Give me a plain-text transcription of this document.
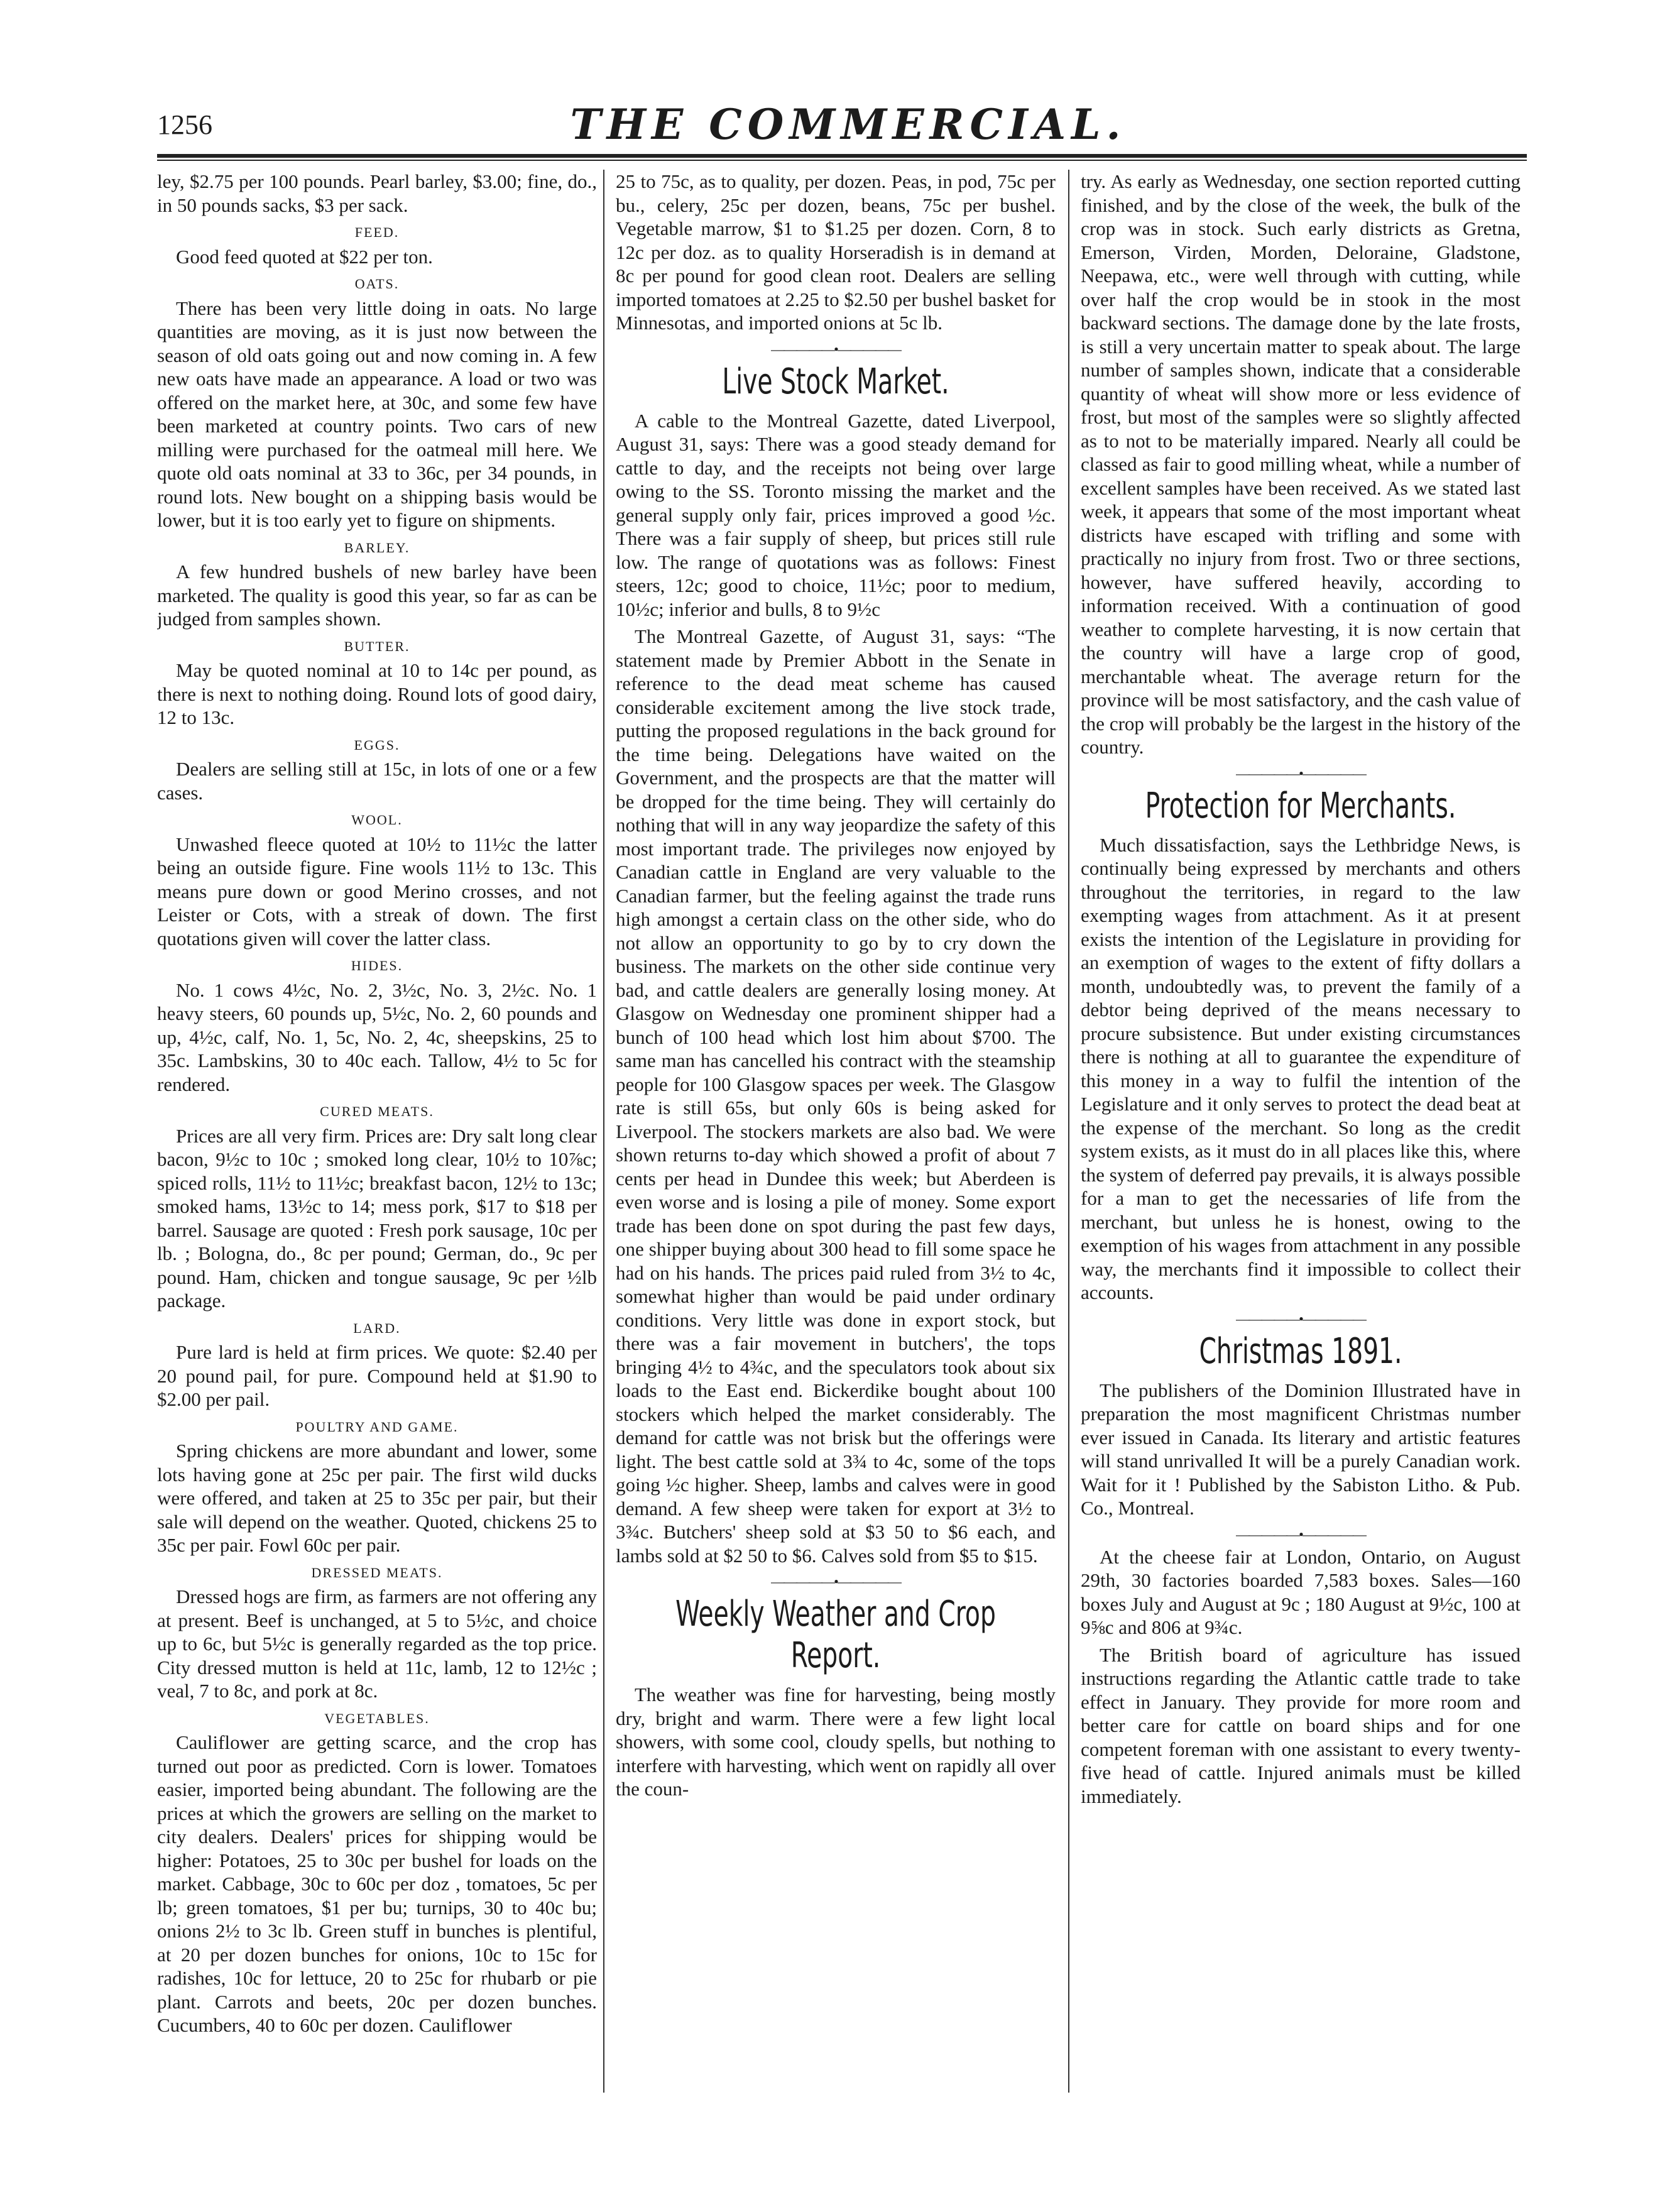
1256	THE COMMERCIAL.

ley, $2.75 per 100 pounds. Pearl barley, $3.00; fine, do., in 50 pounds sacks, $3 per sack.

FEED.

Good feed quoted at $22 per ton.

OATS.

There has been very little doing in oats. No large quantities are moving, as it is just now between the season of old oats going out and now coming in. A few new oats have made an appearance. A load or two was offered on the market here, at 30c, and some few have been marketed at country points. Two cars of new milling were purchased for the oatmeal mill here. We quote old oats nominal at 33 to 36c, per 34 pounds, in round lots. New bought on a shipping basis would be lower, but it is too early yet to figure on shipments.

BARLEY.

A few hundred bushels of new barley have been marketed. The quality is good this year, so far as can be judged from samples shown.

BUTTER.

May be quoted nominal at 10 to 14c per pound, as there is next to nothing doing. Round lots of good dairy, 12 to 13c.

EGGS.

Dealers are selling still at 15c, in lots of one or a few cases.

WOOL.

Unwashed fleece quoted at 10½ to 11½c the latter being an outside figure. Fine wools 11½ to 13c. This means pure down or good Merino crosses, and not Leister or Cots, with a streak of down. The first quotations given will cover the latter class.

HIDES.

No. 1 cows 4½c, No. 2, 3½c, No. 3, 2½c. No. 1 heavy steers, 60 pounds up, 5½c, No. 2, 60 pounds and up, 4½c, calf, No. 1, 5c, No. 2, 4c, sheepskins, 25 to 35c. Lambskins, 30 to 40c each. Tallow, 4½ to 5c for rendered.

CURED MEATS.

Prices are all very firm. Prices are: Dry salt long clear bacon, 9½c to 10c ; smoked long clear, 10½ to 10⅞c; spiced rolls, 11½ to 11½c; breakfast bacon, 12½ to 13c; smoked hams, 13½c to 14; mess pork, $17 to $18 per barrel. Sausage are quoted : Fresh pork sausage, 10c per lb. ; Bologna, do., 8c per pound; German, do., 9c per pound. Ham, chicken and tongue sausage, 9c per ½lb package.

LARD.

Pure lard is held at firm prices. We quote: $2.40 per 20 pound pail, for pure. Compound held at $1.90 to $2.00 per pail.

POULTRY AND GAME.

Spring chickens are more abundant and lower, some lots having gone at 25c per pair. The first wild ducks were offered, and taken at 25 to 35c per pair, but their sale will depend on the weather. Quoted, chickens 25 to 35c per pair. Fowl 60c per pair.

DRESSED MEATS.

Dressed hogs are firm, as farmers are not offering any at present. Beef is unchanged, at 5 to 5½c, and choice up to 6c, but 5½c is generally regarded as the top price. City dressed mutton is held at 11c, lamb, 12 to 12½c ; veal, 7 to 8c, and pork at 8c.

VEGETABLES.

Cauliflower are getting scarce, and the crop has turned out poor as predicted. Corn is lower. Tomatoes easier, imported being abundant. The following are the prices at which the growers are selling on the market to city dealers. Dealers' prices for shipping would be higher: Potatoes, 25 to 30c per bushel for loads on the market. Cabbage, 30c to 60c per doz , tomatoes, 5c per lb; green tomatoes, $1 per bu; turnips, 30 to 40c bu; onions 2½ to 3c lb. Green stuff in bunches is plentiful, at 20 per dozen bunches for onions, 10c to 15c for radishes, 10c for lettuce, 20 to 25c for rhubarb or pie plant. Carrots and beets, 20c per dozen bunches. Cucumbers, 40 to 60c per dozen. Cauliflower

25 to 75c, as to quality, per dozen. Peas, in pod, 75c per bu., celery, 25c per dozen, beans, 75c per bushel. Vegetable marrow, $1 to $1.25 per dozen. Corn, 8 to 12c per doz. as to quality Horseradish is in demand at 8c per pound for good clean root. Dealers are selling imported tomatoes at 2.25 to $2.50 per bushel basket for Minnesotas, and imported onions at 5c lb.

—————
Live Stock Market.

A cable to the Montreal Gazette, dated Liverpool, August 31, says: There was a good steady demand for cattle to day, and the receipts not being over large owing to the SS. Toronto missing the market and the general supply only fair, prices improved a good ½c. There was a fair supply of sheep, but prices still rule low. The range of quotations was as follows: Finest steers, 12c; good to choice, 11½c; poor to medium, 10½c; inferior and bulls, 8 to 9½c

The Montreal Gazette, of August 31, says: “The statement made by Premier Abbott in the Senate in reference to the dead meat scheme has caused considerable excitement among the live stock trade, putting the proposed regulations in the back ground for the time being. Delegations have waited on the Government, and the prospects are that the matter will be dropped for the time being. They will certainly do nothing that will in any way jeopardize the safety of this most important trade. The privileges now enjoyed by Canadian cattle in England are very valuable to the Canadian farmer, but the feeling against the trade runs high amongst a certain class on the other side, who do not allow an opportunity to go by to cry down the business. The markets on the other side continue very bad, and cattle dealers are generally losing money. At Glasgow on Wednesday one prominent shipper had a bunch of 100 head which lost him about $700. The same man has cancelled his contract with the steamship people for 100 Glasgow spaces per week. The Glasgow rate is still 65s, but only 60s is being asked for Liverpool. The stockers markets are also bad. We were shown returns to-day which showed a profit of about 7 cents per head in Dundee this week; but Aberdeen is even worse and is losing a pile of money. Some export trade has been done on spot during the past few days, one shipper buying about 300 head to fill some space he had on his hands. The prices paid ruled from 3½ to 4c, somewhat higher than would be paid under ordinary conditions. Very little was done in export stock, but there was a fair movement in butchers', the tops bringing 4½ to 4¾c, and the speculators took about six loads to the East end. Bickerdike bought about 100 stockers which helped the market considerably. The demand for cattle was not brisk but the offerings were light. The best cattle sold at 3¾ to 4c, some of the tops going ½c higher. Sheep, lambs and calves were in good demand. A few sheep were taken for export at 3½ to 3¾c. Butchers' sheep sold at $3 50 to $6 each, and lambs sold at $2 50 to $6. Calves sold from $5 to $15.

—————
Weekly Weather and Crop Report.

The weather was fine for harvesting, being mostly dry, bright and warm. There were a few light local showers, with some cool, cloudy spells, but nothing to interfere with harvesting, which went on rapidly all over the coun-

try. As early as Wednesday, one section reported cutting finished, and by the close of the week, the bulk of the crop was in stock. Such early districts as Gretna, Emerson, Virden, Morden, Deloraine, Gladstone, Neepawa, etc., were well through with cutting, while over half the crop would be in stook in the most backward sections. The damage done by the late frosts, is still a very uncertain matter to speak about. The large number of samples shown, indicate that a considerable quantity of wheat will show more or less evidence of frost, but most of the samples were so slightly affected as to not to be materially impared. Nearly all could be classed as fair to good milling wheat, while a number of excellent samples have been received. As we stated last week, it appears that some of the most important wheat districts have escaped with trifling and some with practically no injury from frost. Two or three sections, however, have suffered heavily, according to information received. With a continuation of good weather to complete harvesting, it is now certain that the country will have a large crop of good, merchantable wheat. The average return for the province will be most satisfactory, and the cash value of the crop will probably be the largest in the history of the country.

—————
Protection for Merchants.

Much dissatisfaction, says the Lethbridge News, is continually being expressed by merchants and others throughout the territories, in regard to the law exempting wages from attachment. As it at present exists the intention of the Legislature in providing for an exemption of wages to the extent of fifty dollars a month, undoubtedly was, to prevent the family of a debtor being deprived of the means necessary to procure subsistence. But under existing circumstances there is nothing at all to guarantee the expenditure of this money in a way to fulfil the intention of the Legislature and it only serves to protect the dead beat at the expense of the merchant. So long as the credit system exists, as it must do in all places like this, where the system of deferred pay prevails, it is always possible for a man to get the necessaries of life from the merchant, but unless he is honest, owing to the exemption of his wages from attachment in any possible way, the merchants find it impossible to collect their accounts.

—————
Christmas 1891.

The publishers of the Dominion Illustrated have in preparation the most magnificent Christmas number ever issued in Canada. Its literary and artistic features will stand unrivalled It will be a purely Canadian work. Wait for it ! Published by the Sabiston Litho. & Pub. Co., Montreal.

—————

At the cheese fair at London, Ontario, on August 29th, 30 factories boarded 7,583 boxes. Sales—160 boxes July and August at 9c ; 180 August at 9½c, 100 at 9⅝c and 806 at 9¾c.

The British board of agriculture has issued instructions regarding the Atlantic cattle trade to take effect in January. They provide for more room and better care for cattle on board ships and for one competent foreman with one assistant to every twenty-five head of cattle. Injured animals must be killed immediately.
